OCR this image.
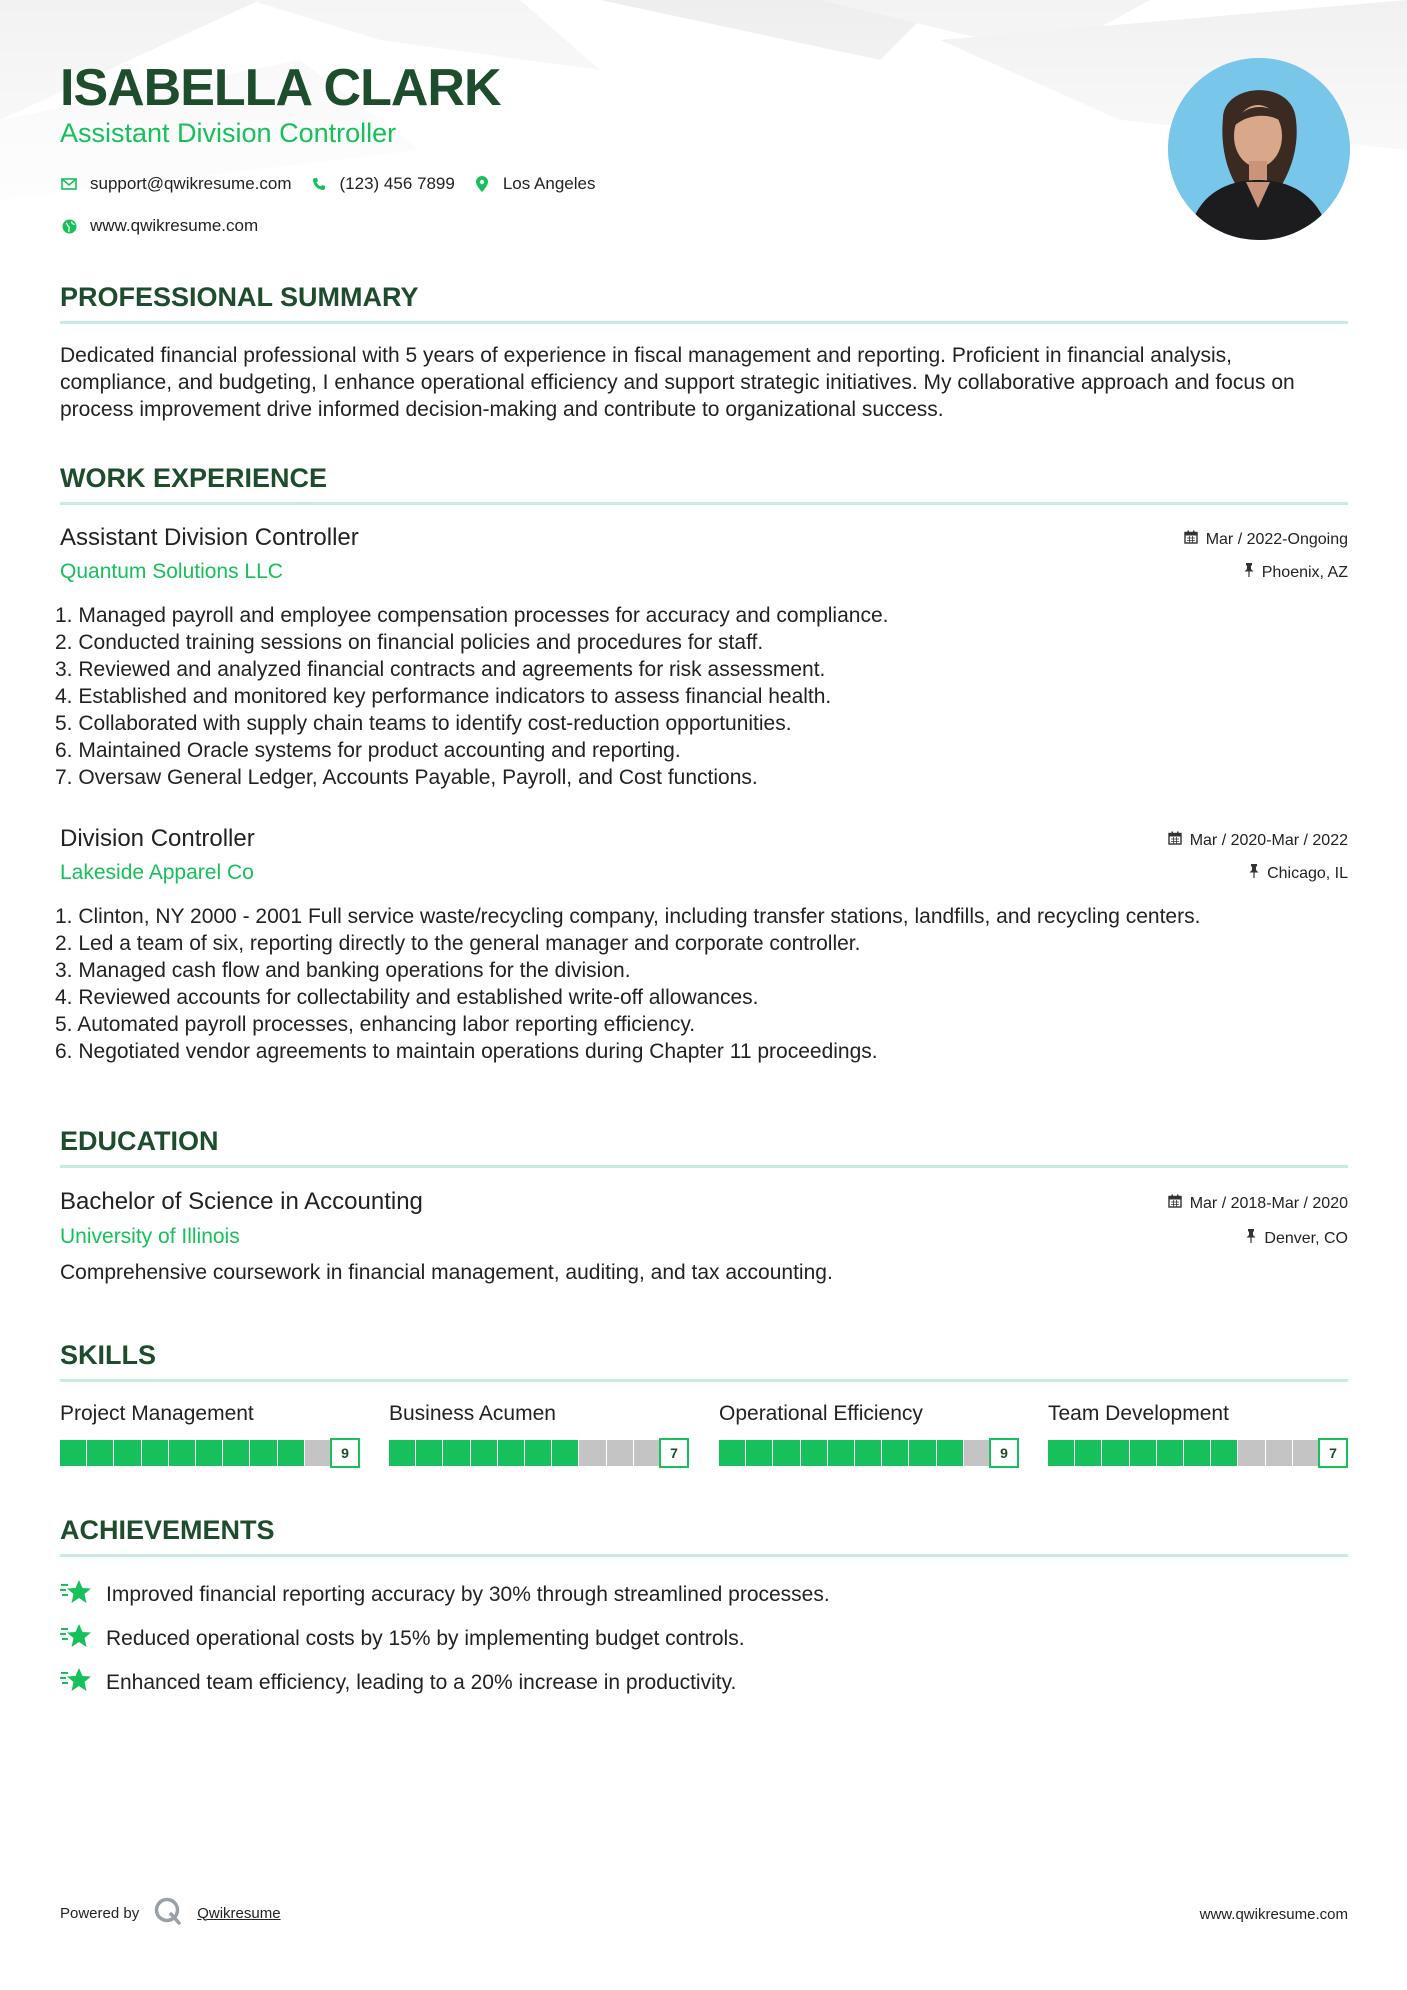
ISABELLA CLARK
Assistant Division Controller
support@qwikresume.com	(123) 456 7899	Los Angeles
www.qwikresume.com
PROFESSIONAL SUMMARY
Dedicated financial professional with 5 years of experience in fiscal management and reporting. Proficient in financial analysis, compliance, and budgeting, I enhance operational efficiency and support strategic initiatives. My collaborative approach and focus on process improvement drive informed decision-making and contribute to organizational success.
WORK EXPERIENCE
Assistant Division Controller
Quantum Solutions LLC
Mar / 2022-Ongoing
Phoenix, AZ
1. Managed payroll and employee compensation processes for accuracy and compliance.
2. Conducted training sessions on financial policies and procedures for staff.
3. Reviewed and analyzed financial contracts and agreements for risk assessment.
4. Established and monitored key performance indicators to assess financial health.
5. Collaborated with supply chain teams to identify cost-reduction opportunities.
6. Maintained Oracle systems for product accounting and reporting.
7. Oversaw General Ledger, Accounts Payable, Payroll, and Cost functions.
Division Controller
Lakeside Apparel Co
Mar / 2020-Mar / 2022
Chicago, IL
1. Clinton, NY 2000 - 2001 Full service waste/recycling company, including transfer stations, landfills, and recycling centers.
2. Led a team of six, reporting directly to the general manager and corporate controller.
3. Managed cash flow and banking operations for the division.
4. Reviewed accounts for collectability and established write-off allowances.
5. Automated payroll processes, enhancing labor reporting efficiency.
6. Negotiated vendor agreements to maintain operations during Chapter 11 proceedings.
EDUCATION
Bachelor of Science in Accounting
University of Illinois
Mar / 2018-Mar / 2020
Denver, CO
Comprehensive coursework in financial management, auditing, and tax accounting.
SKILLS
Project Management
9
Business Acumen
7
Operational Efficiency
9
Team Development
7
ACHIEVEMENTS
Improved financial reporting accuracy by 30% through streamlined processes.
Reduced operational costs by 15% by implementing budget controls.
Enhanced team efficiency, leading to a 20% increase in productivity.
Powered by	Qwikresume	www.qwikresume.com
